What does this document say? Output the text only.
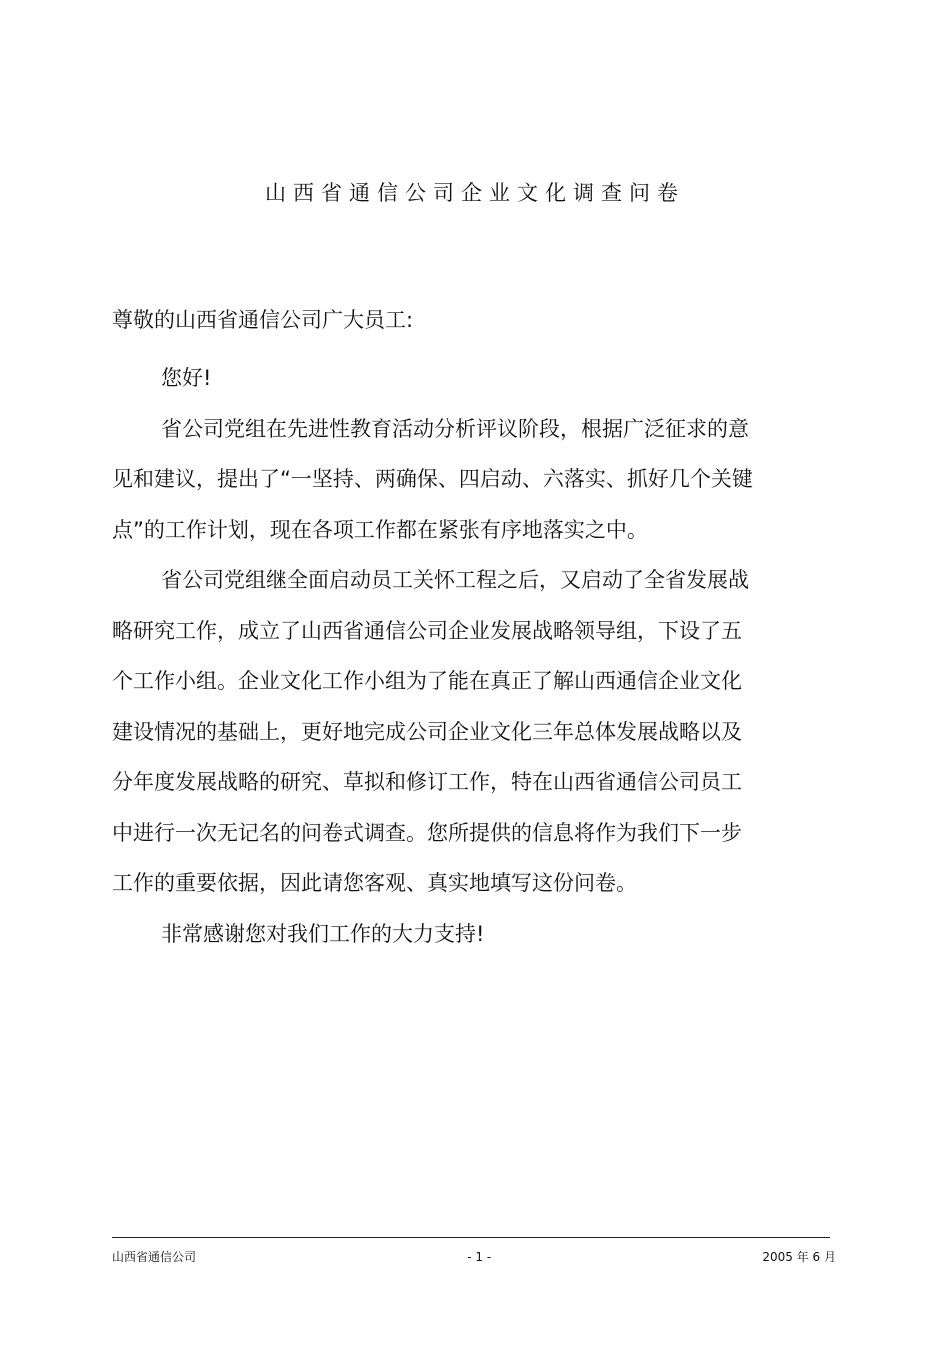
山西省通信公司企业文化调查问卷
尊敬的山西省通信公司广大员工:
您好!
省公司党组在先进性教育活动分析评议阶段，根据广泛征求的意
见和建议，提出了“一坚持、两确保、四启动、六落实、抓好几个关键
点”的工作计划，现在各项工作都在紧张有序地落实之中。
省公司党组继全面启动员工关怀工程之后，又启动了全省发展战
略研究工作，成立了山西省通信公司企业发展战略领导组，下设了五
个工作小组。企业文化工作小组为了能在真正了解山西通信企业文化
建设情况的基础上，更好地完成公司企业文化三年总体发展战略以及
分年度发展战略的研究、草拟和修订工作，特在山西省通信公司员工
中进行一次无记名的问卷式调查。您所提供的信息将作为我们下一步
工作的重要依据，因此请您客观、真实地填写这份问卷。
非常感谢您对我们工作的大力支持!
山西省通信公司	- 1 -	2005 年 6 月
